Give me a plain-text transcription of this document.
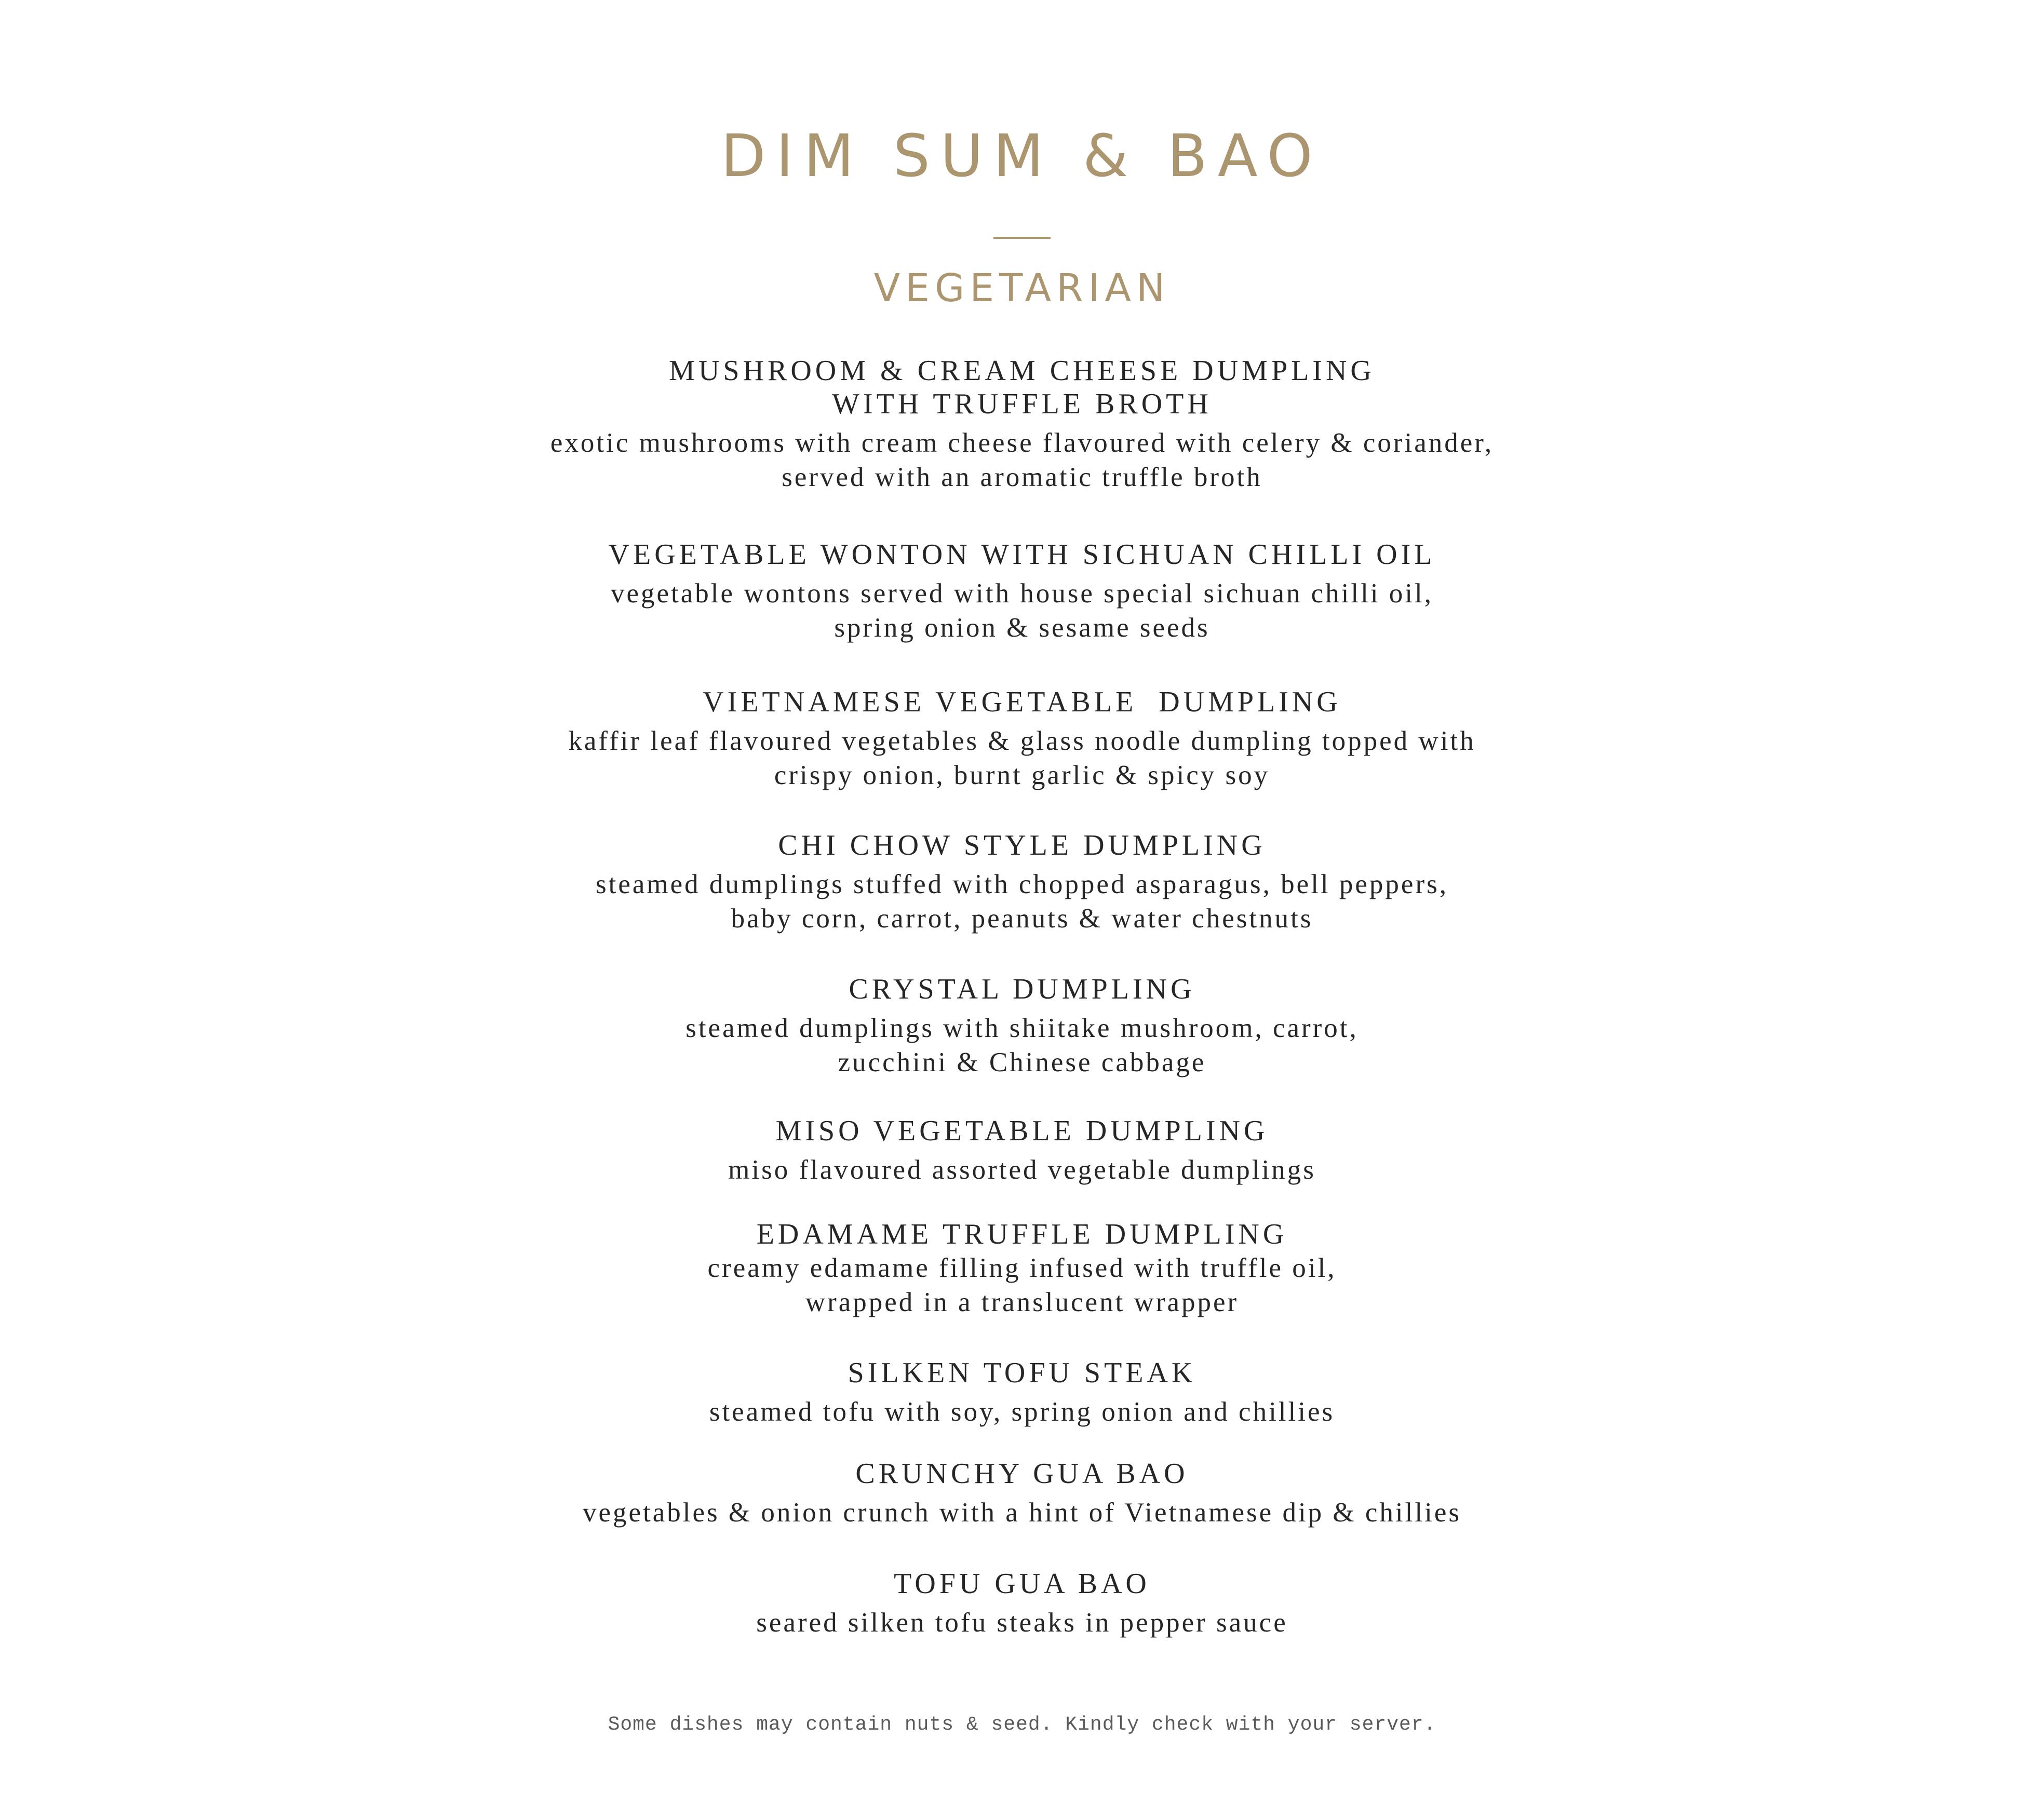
DIM SUM & BAO
VEGETARIAN

MUSHROOM & CREAM CHEESE DUMPLING
WITH TRUFFLE BROTH

exotic mushrooms with cream cheese flavoured with celery & coriander,
served with an aromatic truffle broth

VEGETABLE WONTON WITH SICHUAN CHILLI OIL

vegetable wontons served with house special sichuan chilli oil,
spring onion & sesame seeds

VIETNAMESE VEGETABLE  DUMPLING

kaffir leaf flavoured vegetables & glass noodle dumpling topped with
crispy onion, burnt garlic & spicy soy

CHI CHOW STYLE DUMPLING

steamed dumplings stuffed with chopped asparagus, bell peppers,
baby corn, carrot, peanuts & water chestnuts

CRYSTAL DUMPLING

steamed dumplings with shiitake mushroom, carrot,
zucchini & Chinese cabbage

MISO VEGETABLE DUMPLING

miso flavoured assorted vegetable dumplings

EDAMAME TRUFFLE DUMPLING

creamy edamame filling infused with truffle oil,
wrapped in a translucent wrapper

SILKEN TOFU STEAK

steamed tofu with soy, spring onion and chillies

CRUNCHY GUA BAO

vegetables & onion crunch with a hint of Vietnamese dip & chillies

TOFU GUA BAO

seared silken tofu steaks in pepper sauce

Some dishes may contain nuts & seed. Kindly check with your server.
